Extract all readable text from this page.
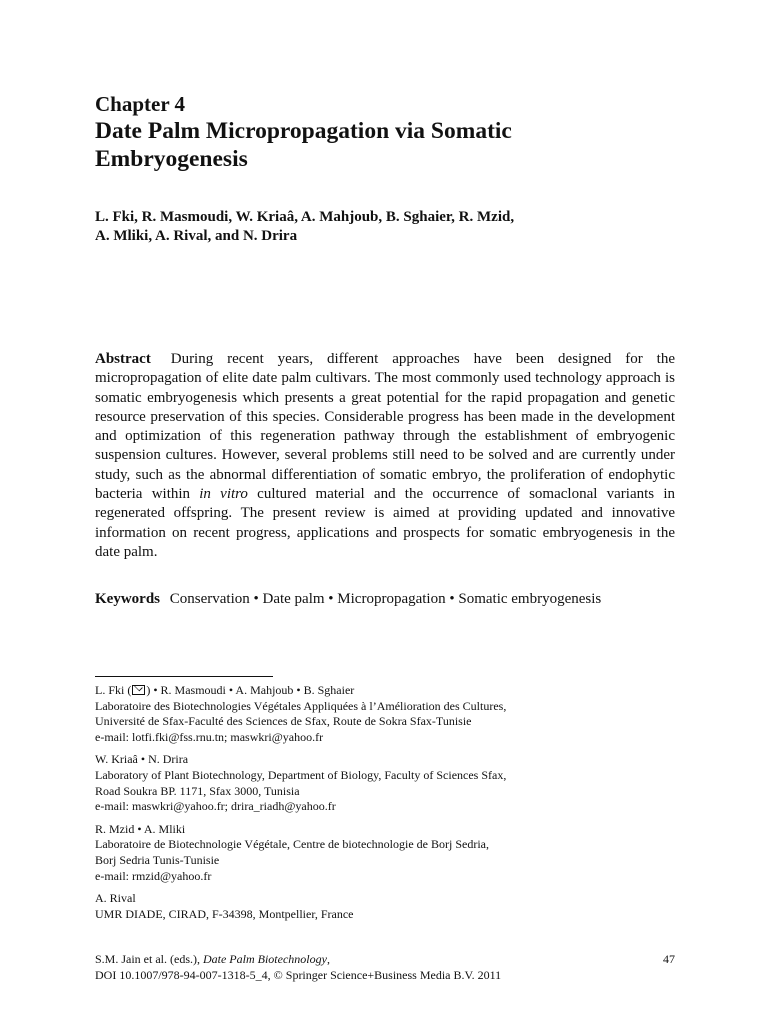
Chapter 4
Date Palm Micropropagation via Somatic
Embryogenesis
L. Fki, R. Masmoudi, W. Kriaâ, A. Mahjoub, B. Sghaier, R. Mzid,
A. Mliki, A. Rival, and N. Drira
Abstract During recent years, different approaches have been designed for the micropropagation of elite date palm cultivars. The most commonly used technology approach is somatic embryogenesis which presents a great potential for the rapid propagation and genetic resource preservation of this species. Considerable progress has been made in the development and optimization of this regeneration pathway through the establishment of embryogenic suspension cultures. However, several problems still need to be solved and are currently under study, such as the abnormal differentiation of somatic embryo, the proliferation of endophytic bacteria within in vitro cultured material and the occurrence of somaclonal variants in regenerated offspring. The present review is aimed at providing updated and innovative information on recent progress, applications and prospects for somatic embryogenesis in the date palm.
Keywords Conservation • Date palm • Micropropagation • Somatic embryogenesis
L. Fki ( ) • R. Masmoudi • A. Mahjoub • B. Sghaier
Laboratoire des Biotechnologies Végétales Appliquées à l’Amélioration des Cultures,
Université de Sfax-Faculté des Sciences de Sfax, Route de Sokra Sfax-Tunisie
e-mail: lotfi.fki@fss.rnu.tn; maswkri@yahoo.fr
W. Kriaâ • N. Drira
Laboratory of Plant Biotechnology, Department of Biology, Faculty of Sciences Sfax,
Road Soukra BP. 1171, Sfax 3000, Tunisia
e-mail: maswkri@yahoo.fr; drira_riadh@yahoo.fr
R. Mzid • A. Mliki
Laboratoire de Biotechnologie Végétale, Centre de biotechnologie de Borj Sedria,
Borj Sedria Tunis-Tunisie
e-mail: rmzid@yahoo.fr
A. Rival
UMR DIADE, CIRAD, F-34398, Montpellier, France
S.M. Jain et al. (eds.), Date Palm Biotechnology,
DOI 10.1007/978-94-007-1318-5_4, © Springer Science+Business Media B.V. 2011
47
